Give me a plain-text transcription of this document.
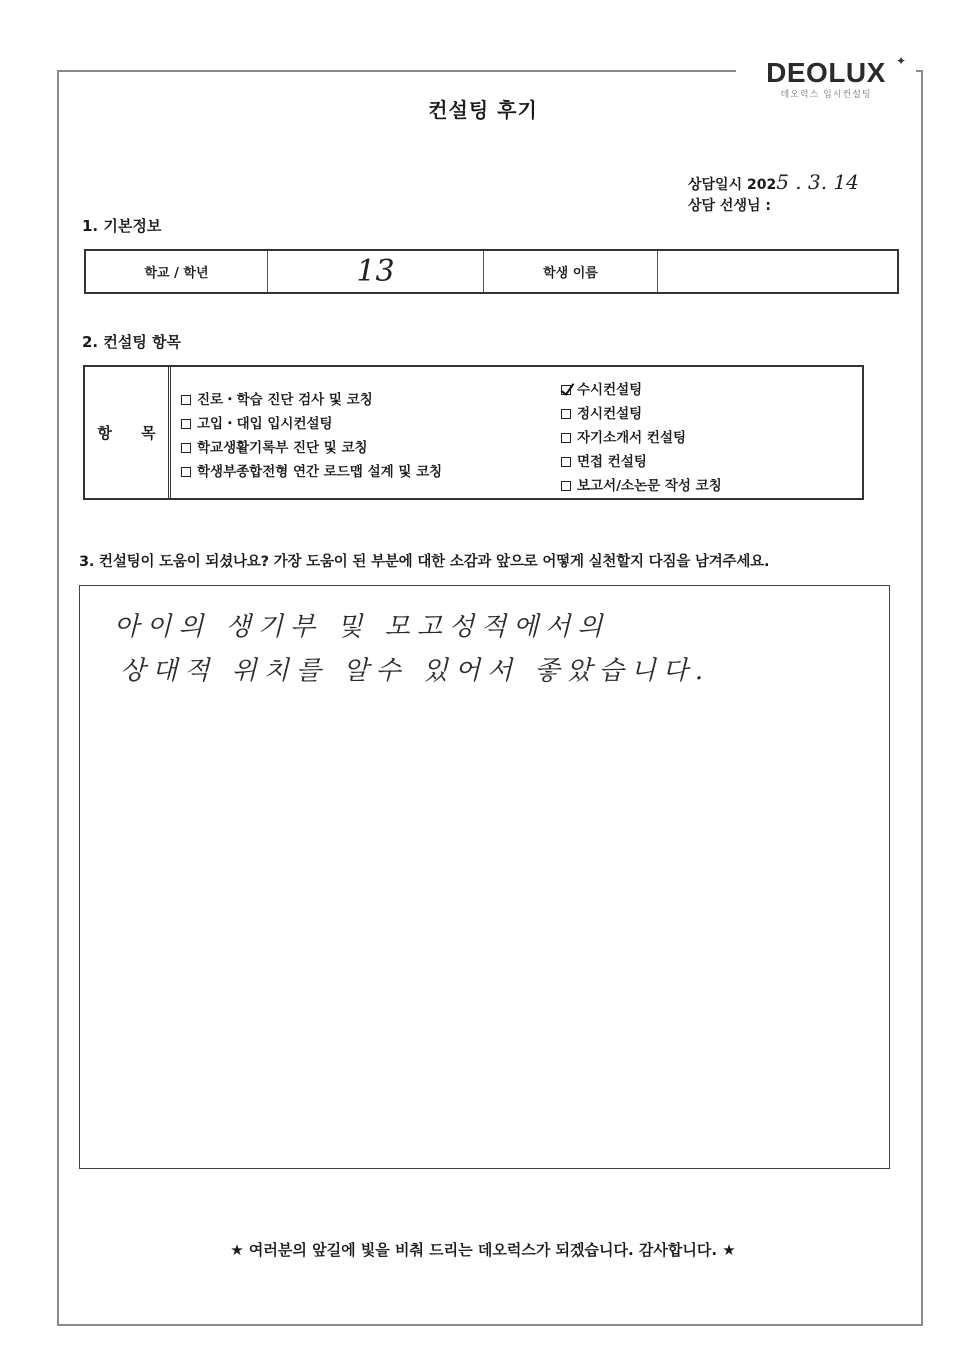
DEOLUX
데오럭스 입시컨설팅
✦
컨설팅 후기
상담일시 2025 . 3. 14
상담 선생님 :
1. 기본정보
학교 / 학년	13	학생 이름
2. 컨설팅 항목
항 목
진로・학습 진단 검사 및 코칭
고입・대입 입시컨설팅
학교생활기록부 진단 및 코칭
학생부종합전형 연간 로드맵 설계 및 코칭
수시컨설팅
정시컨설팅
자기소개서 컨설팅
면접 컨설팅
보고서/소논문 작성 코칭
3. 컨설팅이 도움이 되셨나요? 가장 도움이 된 부분에 대한 소감과 앞으로 어떻게 실천할지 다짐을 남겨주세요.
아이의 생기부 및 모고성적에서의
상대적 위치를 알수 있어서 좋았습니다.
★ 여러분의 앞길에 빛을 비춰 드리는 데오럭스가 되겠습니다. 감사합니다. ★
